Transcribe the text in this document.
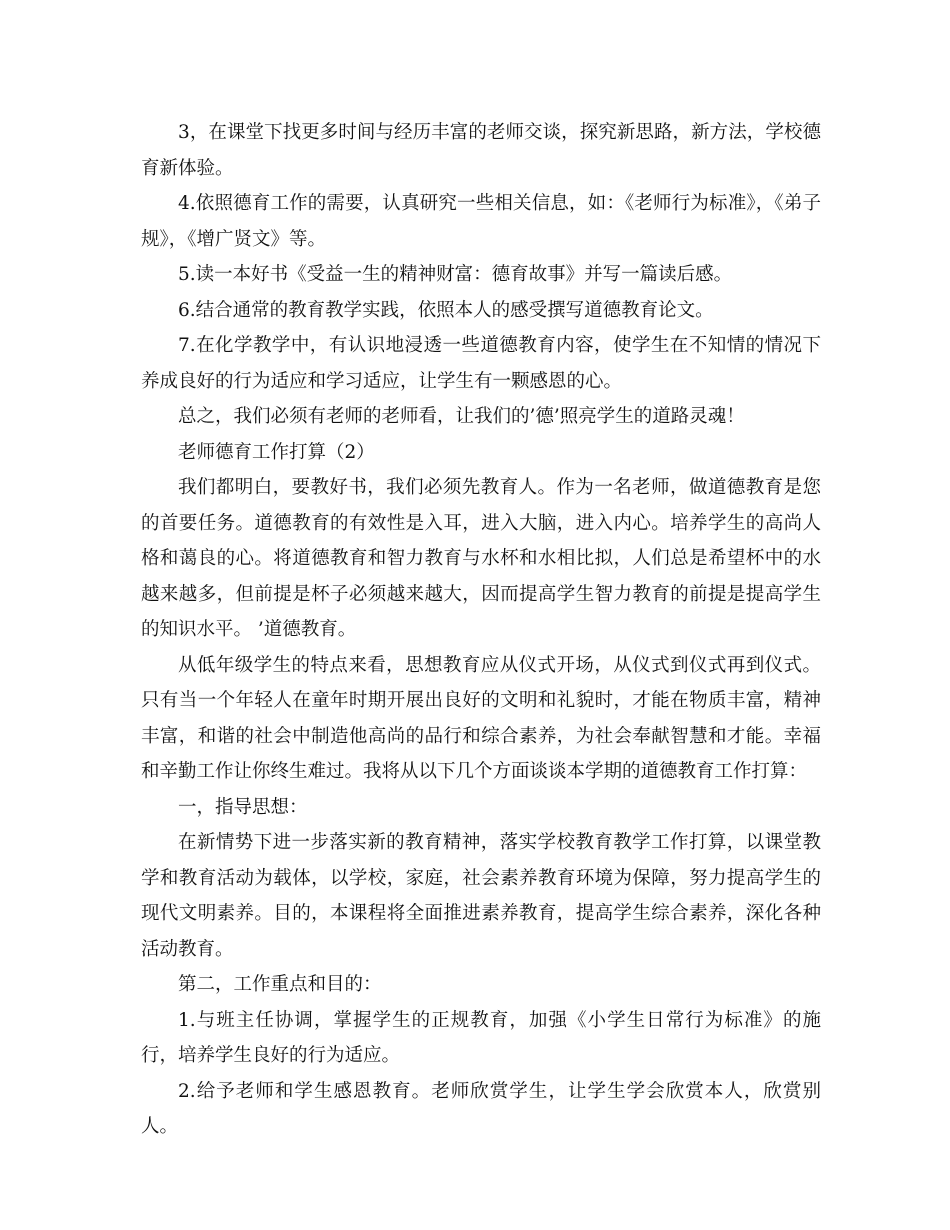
3，在课堂下找更多时间与经历丰富的老师交谈，探究新思路，新方法，学校德育新体验。

4.依照德育工作的需要，认真研究一些相关信息，如：《老师行为标准》，《弟子规》，《增广贤文》等。

5.读一本好书《受益一生的精神财富：德育故事》并写一篇读后感。

6.结合通常的教育教学实践，依照本人的感受撰写道德教育论文。

7.在化学教学中，有认识地浸透一些道德教育内容，使学生在不知情的情况下养成良好的行为适应和学习适应，让学生有一颗感恩的心。

总之，我们必须有老师的老师看，让我们的’德’照亮学生的道路灵魂！

老师德育工作打算（2）

我们都明白，要教好书，我们必须先教育人。作为一名老师，做道德教育是您的首要任务。道德教育的有效性是入耳，进入大脑，进入内心。培养学生的高尚人格和蔼良的心。将道德教育和智力教育与水杯和水相比拟，人们总是希望杯中的水越来越多，但前提是杯子必须越来越大，因而提高学生智力教育的前提是提高学生的知识水平。 ’道德教育。

从低年级学生的特点来看，思想教育应从仪式开场，从仪式到仪式再到仪式。只有当一个年轻人在童年时期开展出良好的文明和礼貌时，才能在物质丰富，精神丰富，和谐的社会中制造他高尚的品行和综合素养，为社会奉献智慧和才能。幸福和辛勤工作让你终生难过。我将从以下几个方面谈谈本学期的道德教育工作打算：

一，指导思想：

在新情势下进一步落实新的教育精神，落实学校教育教学工作打算，以课堂教学和教育活动为载体，以学校，家庭，社会素养教育环境为保障，努力提高学生的现代文明素养。目的，本课程将全面推进素养教育，提高学生综合素养，深化各种活动教育。

第二，工作重点和目的：

1.与班主任协调，掌握学生的正规教育，加强《小学生日常行为标准》的施行，培养学生良好的行为适应。

2.给予老师和学生感恩教育。老师欣赏学生，让学生学会欣赏本人，欣赏别人。
